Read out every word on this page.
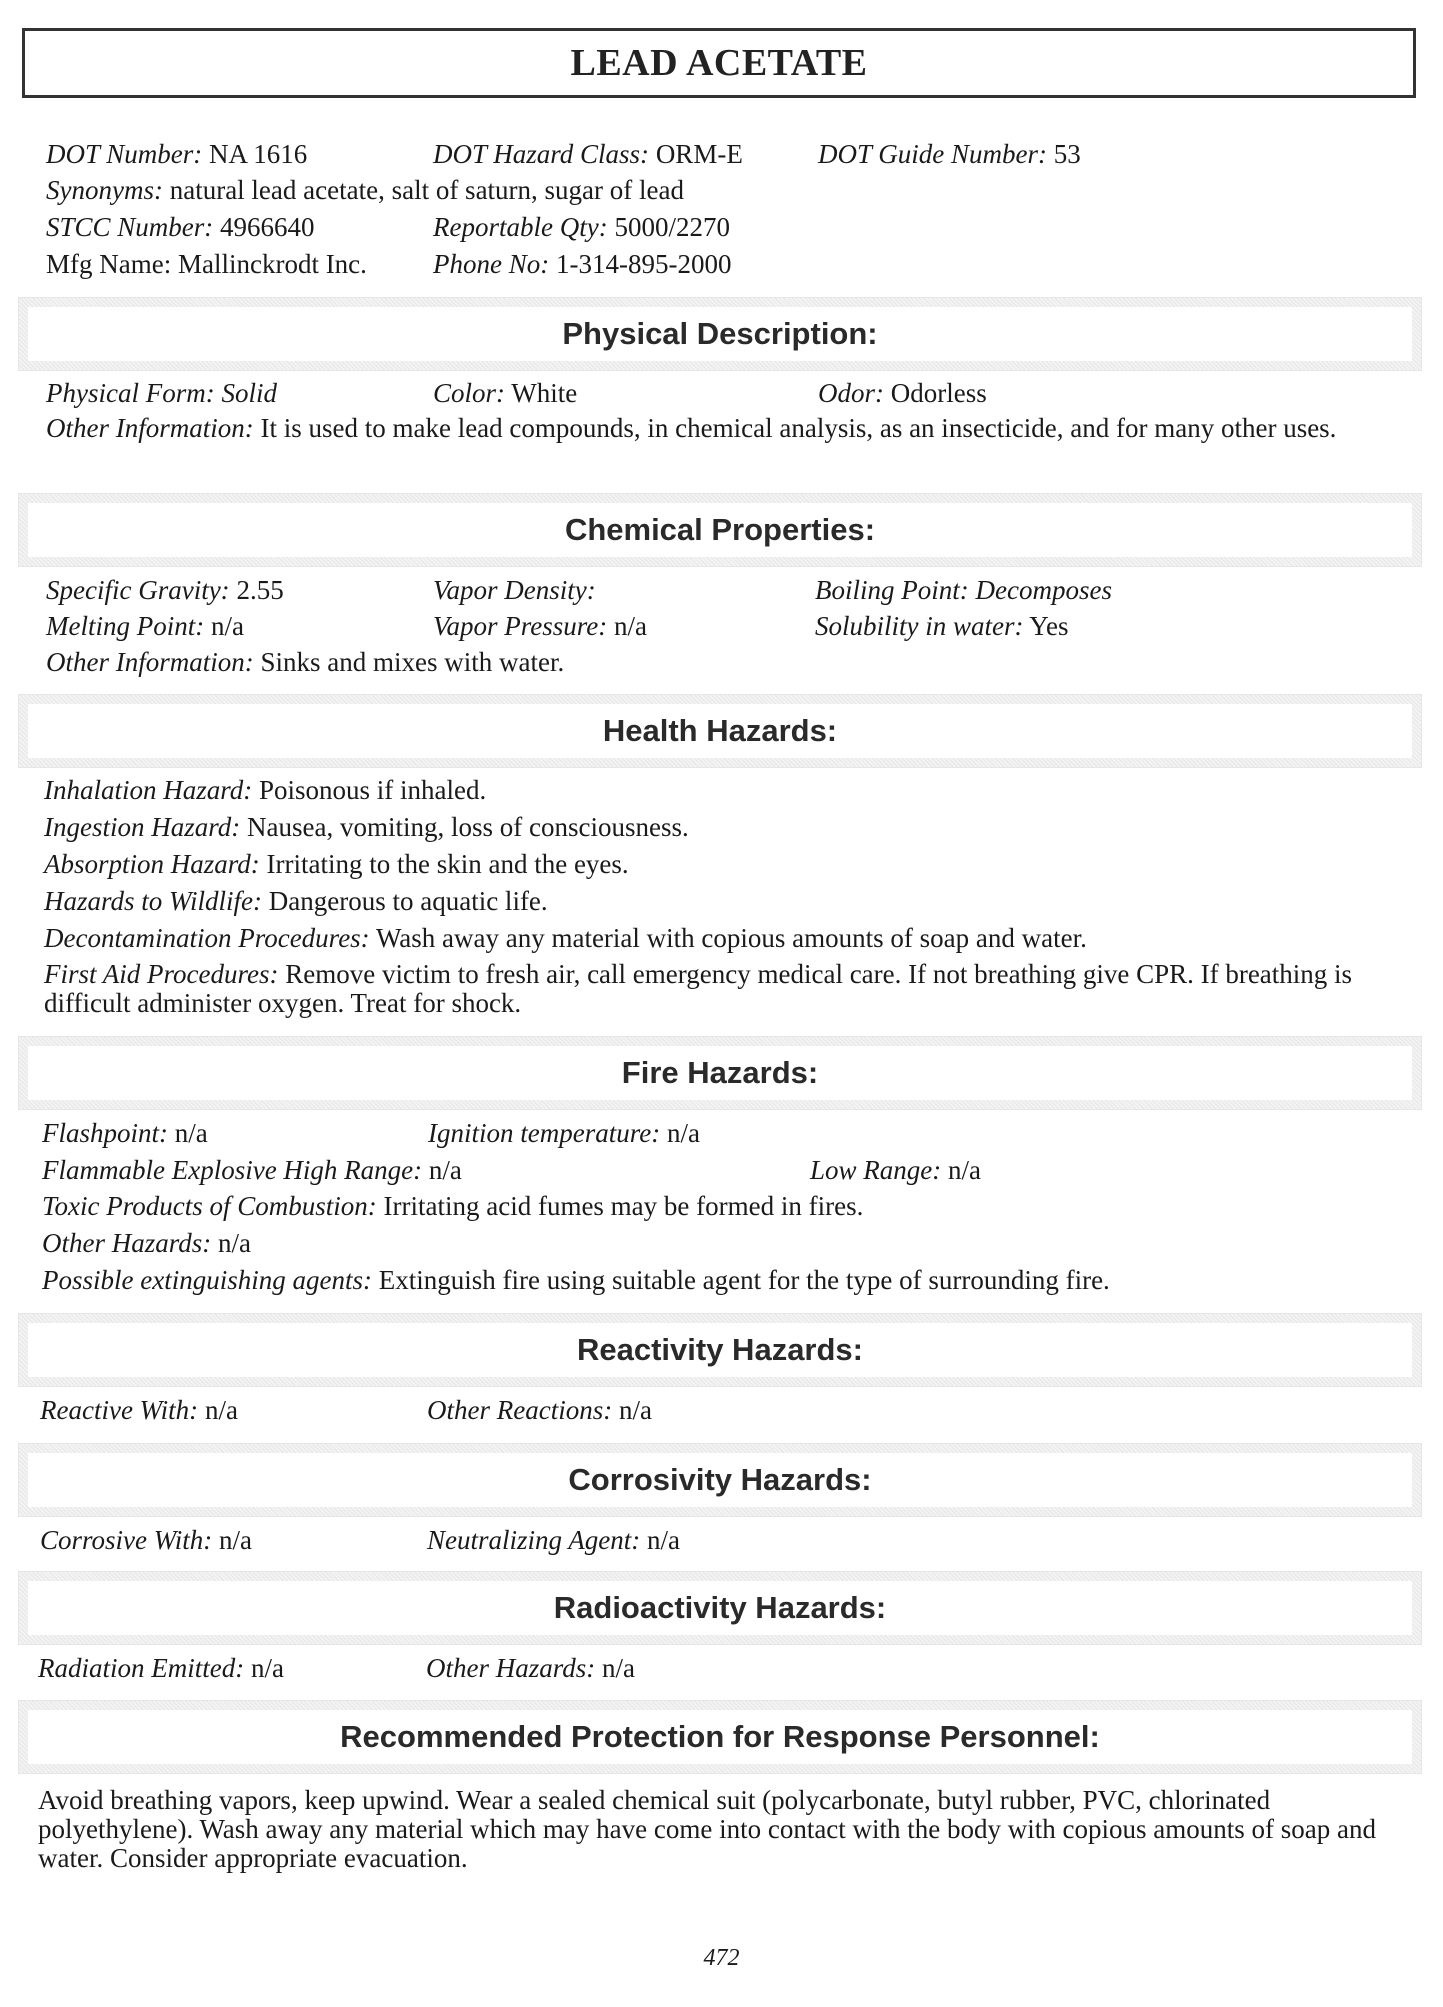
LEAD ACETATE
DOT Number: NA 1616	DOT Hazard Class: ORM-E	DOT Guide Number: 53
Synonyms: natural lead acetate, salt of saturn, sugar of lead
STCC Number: 4966640	Reportable Qty: 5000/2270
Mfg Name: Mallinckrodt Inc. Phone No: 1-314-895-2000
Physical Description:
Physical Form: Solid	Color: White	Odor: Odorless
Other Information: It is used to make lead compounds, in chemical analysis, as an insecticide, and for many other uses.
Chemical Properties:
Specific Gravity: 2.55	Vapor Density:	Boiling Point: Decomposes
Melting Point: n/a	Vapor Pressure: n/a	Solubility in water: Yes
Other Information: Sinks and mixes with water.
Health Hazards:
Inhalation Hazard: Poisonous if inhaled.
Ingestion Hazard: Nausea, vomiting, loss of consciousness.
Absorption Hazard: Irritating to the skin and the eyes.
Hazards to Wildlife: Dangerous to aquatic life.
Decontamination Procedures: Wash away any material with copious amounts of soap and water.
First Aid Procedures: Remove victim to fresh air, call emergency medical care. If not breathing give CPR. If breathing is difficult administer oxygen. Treat for shock.
Fire Hazards:
Flashpoint: n/a	Ignition temperature: n/a
Flammable Explosive High Range: n/a	Low Range: n/a
Toxic Products of Combustion: Irritating acid fumes may be formed in fires.
Other Hazards: n/a
Possible extinguishing agents: Extinguish fire using suitable agent for the type of surrounding fire.
Reactivity Hazards:
Reactive With: n/a	Other Reactions: n/a
Corrosivity Hazards:
Corrosive With: n/a	Neutralizing Agent: n/a
Radioactivity Hazards:
Radiation Emitted: n/a	Other Hazards: n/a
Recommended Protection for Response Personnel:
Avoid breathing vapors, keep upwind. Wear a sealed chemical suit (polycarbonate, butyl rubber, PVC, chlorinated polyethylene). Wash away any material which may have come into contact with the body with copious amounts of soap and water. Consider appropriate evacuation.
472
